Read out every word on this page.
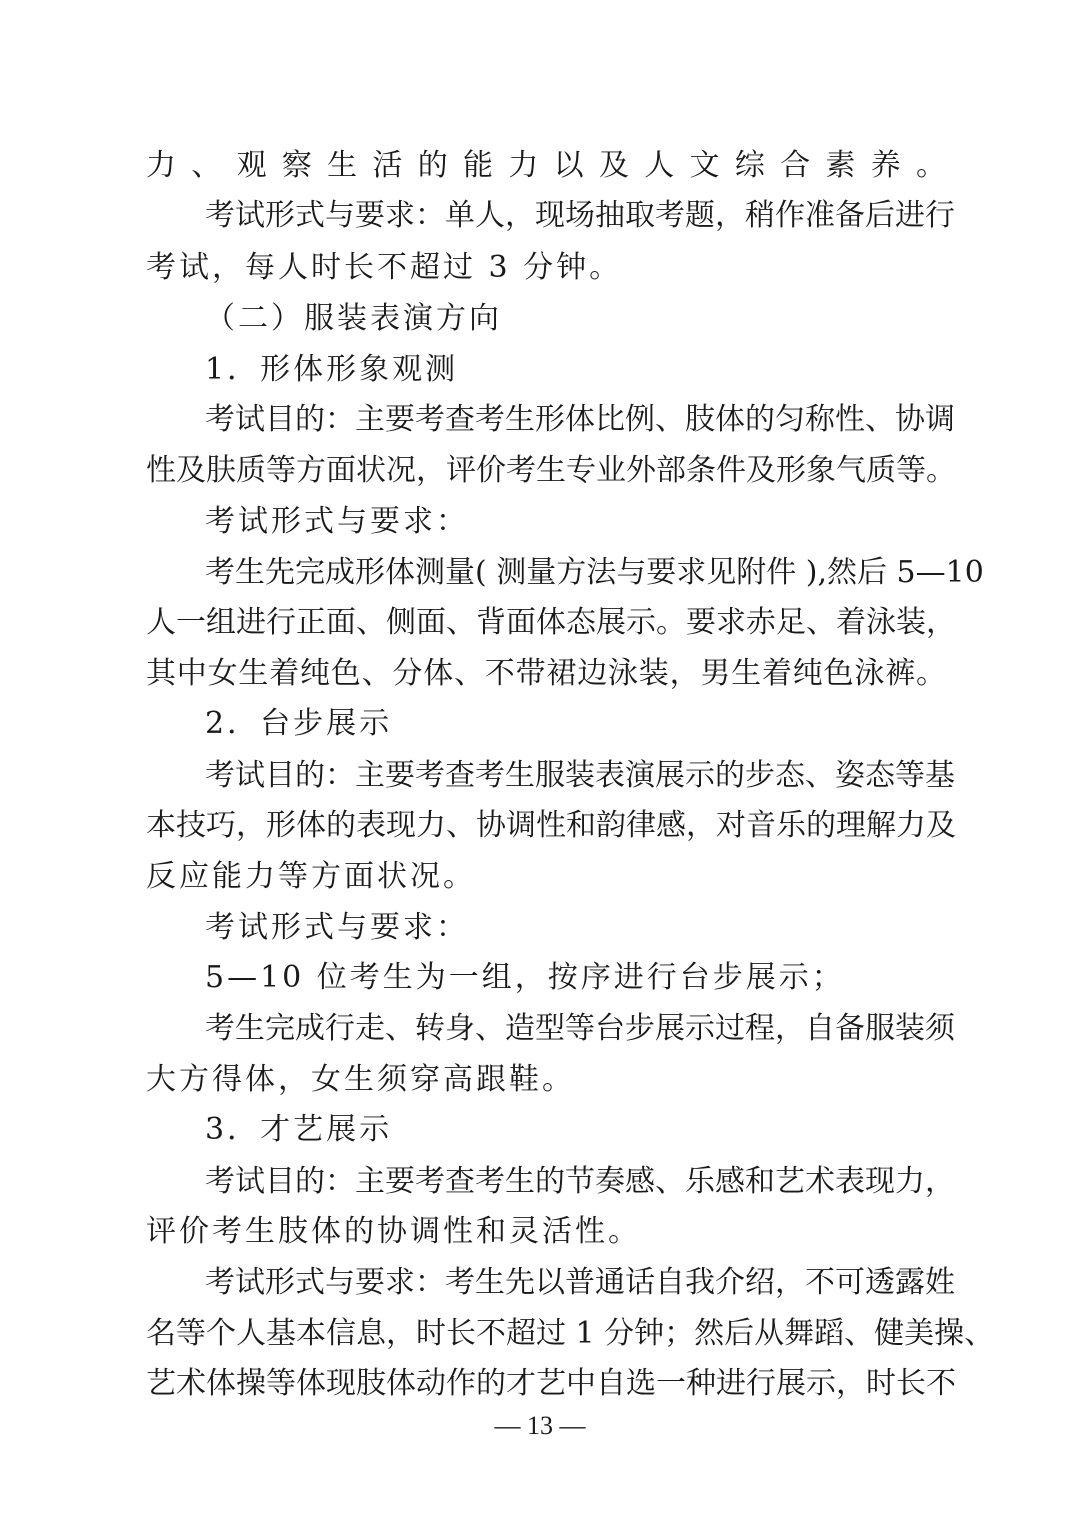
力、观察生活的能力以及人文综合素养。
考试形式与要求：单人，现场抽取考题，稍作准备后进行
考试，每人时长不超过 3 分钟。
（二）服装表演方向
1．形体形象观测
考试目的：主要考查考生形体比例、肢体的匀称性、协调
性及肤质等方面状况，评价考生专业外部条件及形象气质等。
考试形式与要求：
考生先完成形体测量( 测量方法与要求见附件 ),然后 5—10
人一组进行正面、侧面、背面体态展示。要求赤足、着泳装，
其中女生着纯色、分体、不带裙边泳装，男生着纯色泳裤。
2．台步展示
考试目的：主要考查考生服装表演展示的步态、姿态等基
本技巧，形体的表现力、协调性和韵律感，对音乐的理解力及
反应能力等方面状况。
考试形式与要求：
5—10 位考生为一组，按序进行台步展示；
考生完成行走、转身、造型等台步展示过程，自备服装须
大方得体，女生须穿高跟鞋。
3．才艺展示
考试目的：主要考查考生的节奏感、乐感和艺术表现力，
评价考生肢体的协调性和灵活性。
考试形式与要求：考生先以普通话自我介绍，不可透露姓
名等个人基本信息，时长不超过 1 分钟；然后从舞蹈、健美操、
艺术体操等体现肢体动作的才艺中自选一种进行展示，时长不
— 13 —
